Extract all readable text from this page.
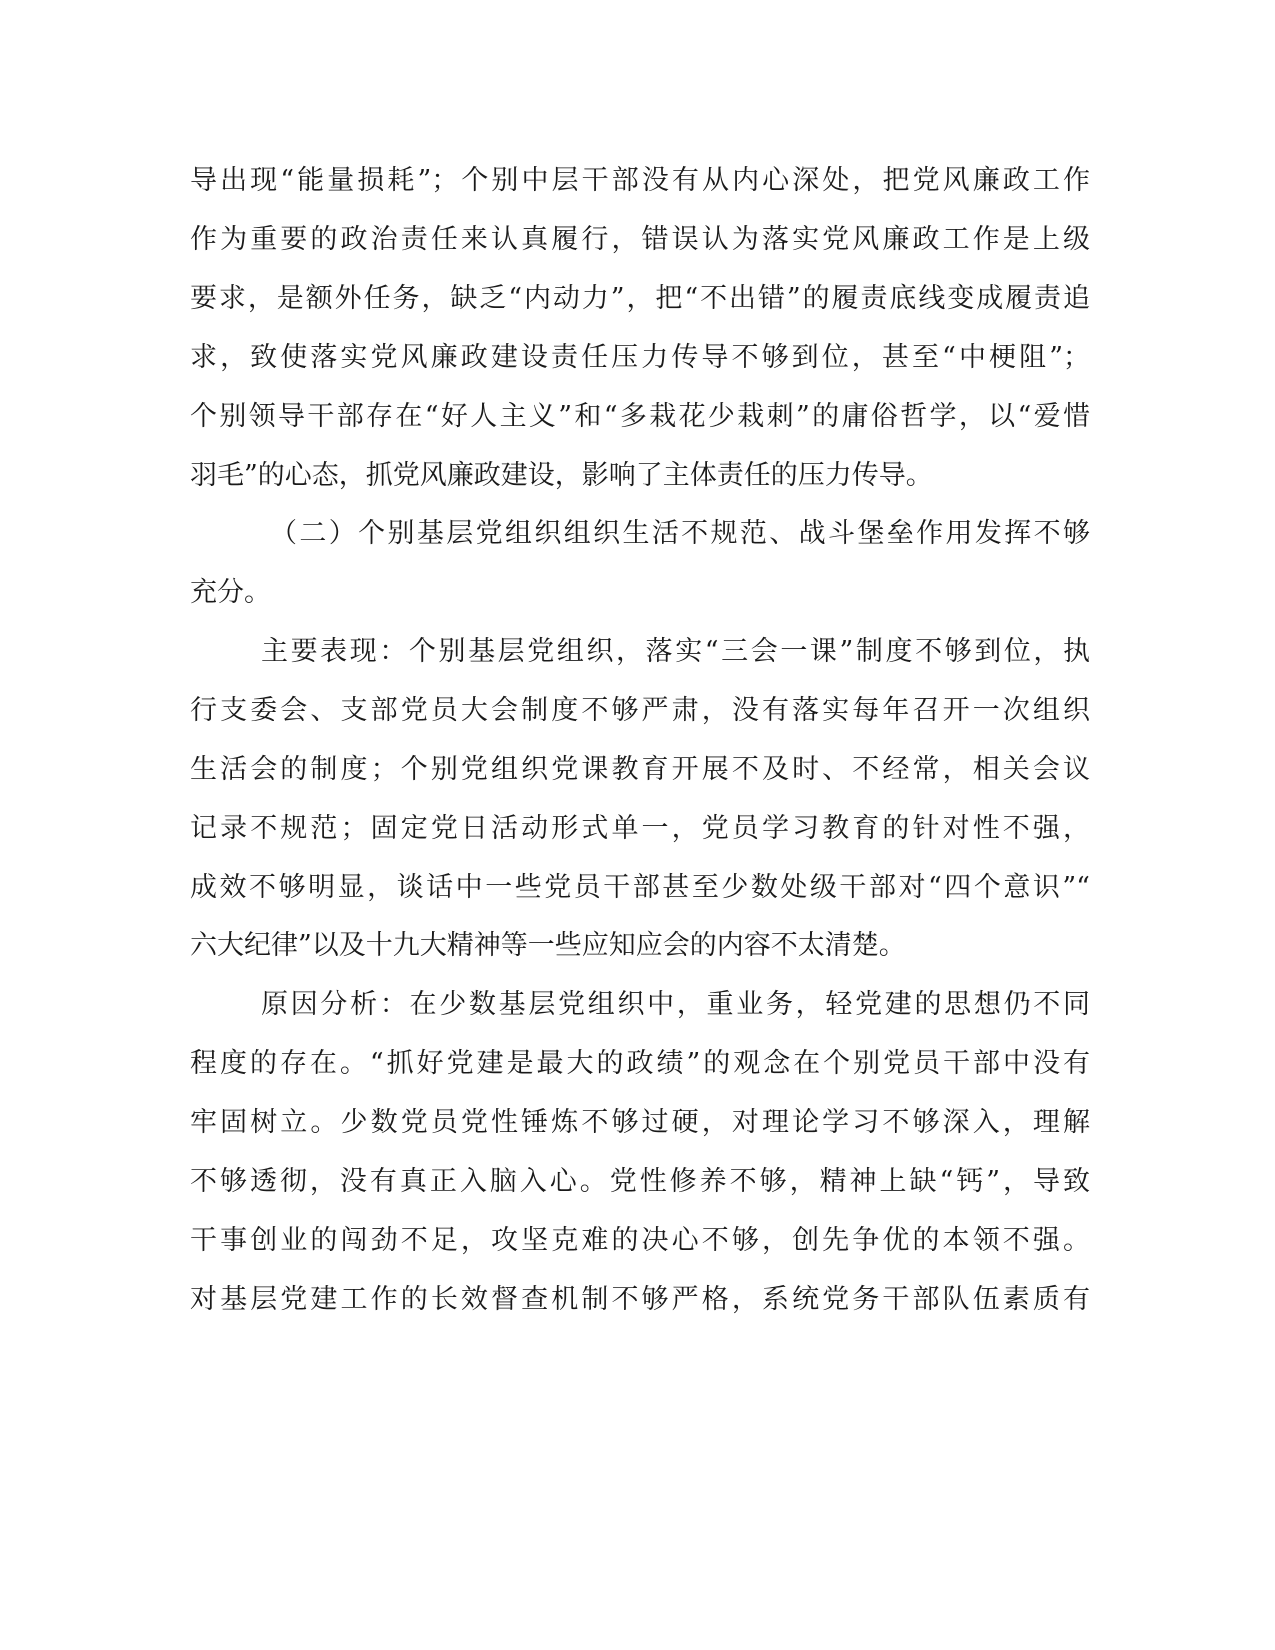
导出现“能量损耗”；个别中层干部没有从内心深处，把党风廉政工作
作为重要的政治责任来认真履行，错误认为落实党风廉政工作是上级
要求，是额外任务，缺乏“内动力”，把“不出错”的履责底线变成履责追
求，致使落实党风廉政建设责任压力传导不够到位，甚至“中梗阻”；
个别领导干部存在“好人主义”和“多栽花少栽刺”的庸俗哲学，以“爱惜
羽毛”的心态，抓党风廉政建设，影响了主体责任的压力传导。
（二）个别基层党组织组织生活不规范、战斗堡垒作用发挥不够
充分。
主要表现：个别基层党组织，落实“三会一课”制度不够到位，执
行支委会、支部党员大会制度不够严肃，没有落实每年召开一次组织
生活会的制度；个别党组织党课教育开展不及时、不经常，相关会议
记录不规范；固定党日活动形式单一，党员学习教育的针对性不强，
成效不够明显，谈话中一些党员干部甚至少数处级干部对“四个意识”“
六大纪律”以及十九大精神等一些应知应会的内容不太清楚。
原因分析：在少数基层党组织中，重业务，轻党建的思想仍不同
程度的存在。“抓好党建是最大的政绩”的观念在个别党员干部中没有
牢固树立。少数党员党性锤炼不够过硬，对理论学习不够深入，理解
不够透彻，没有真正入脑入心。党性修养不够，精神上缺“钙”，导致
干事创业的闯劲不足，攻坚克难的决心不够，创先争优的本领不强。
对基层党建工作的长效督查机制不够严格，系统党务干部队伍素质有
